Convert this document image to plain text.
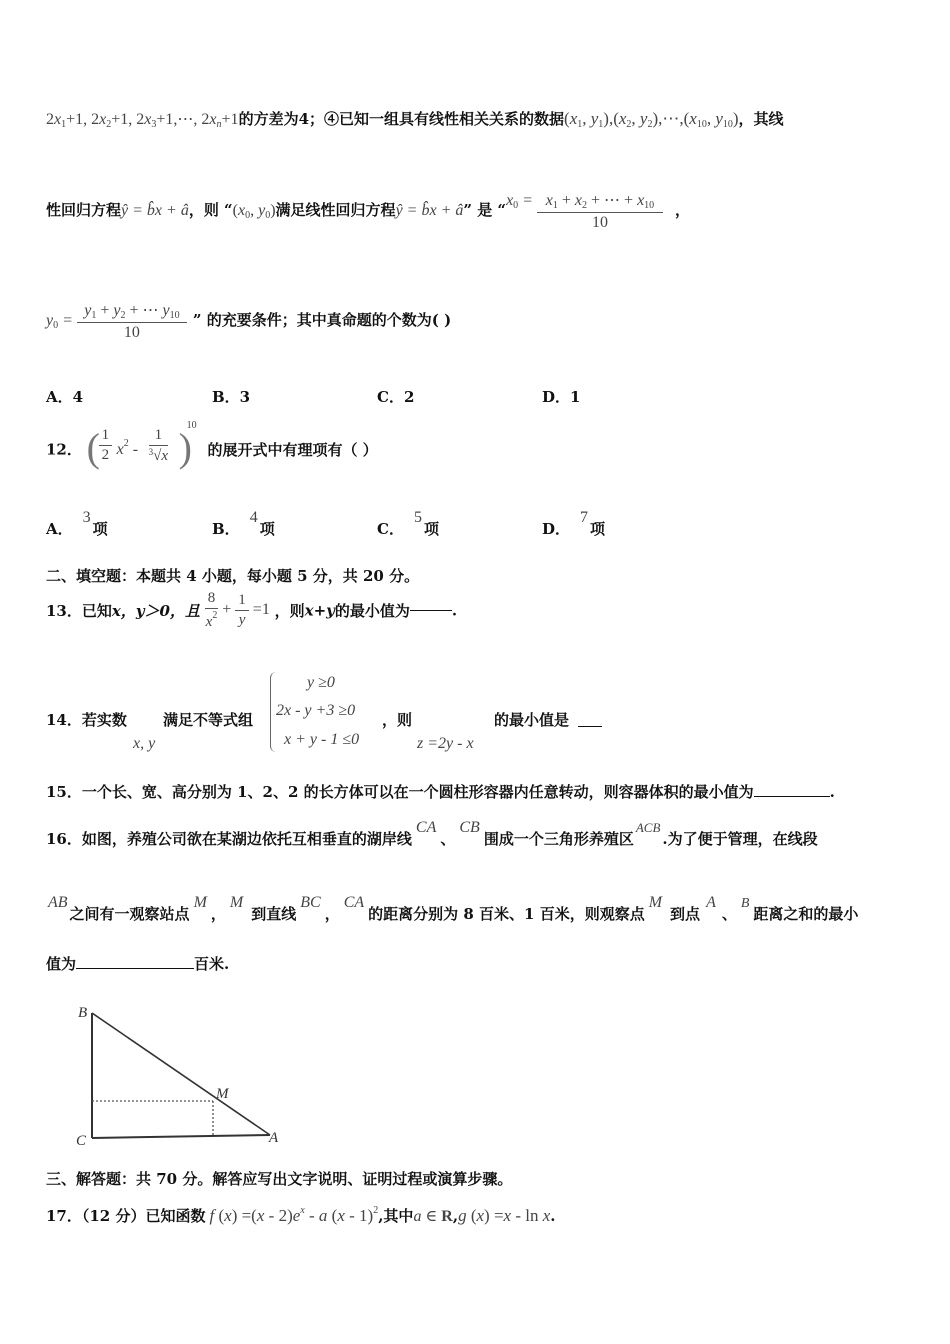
2x1+1, 2x2+1, 2x3+1,⋯, $2x_n+1$的方差为4；④已知一组具有线性相关关系的数据(x1, y1),(x2, y2),⋯,(x10, y10)，其线
性回归方程ŷ = b̂x + â，则 “(x0, y0)满足线性回归方程ŷ = b̂x + â” 是 “$x0 = \frac{x1 + x2 + \cdots + x10}{10}$ ，
$y0 = \frac{y1 + y2 + \cdots y10}{10}$ ” 的充要条件；其中真命题的个数为( )
A．4	B．3	C．2	D．1
12． (
$\frac{1}{2} x^2 - \frac{1}{^3√x}$ )
10
的展开式中有理项有（ ）
A．3项	B．4项	C．5项	D．7项
二、填空题：本题共 4 小题，每小题 5 分，共 20 分。
13．已知x，y＞0，且 $\frac{8}{x^2} + \frac{1}{y} =1$ ，则x+y的最小值为	.
14．若实数
x, y
满足不等式组
y ≥0
2x - y +3 ≥0
x + y - 1 ≤0
，则
z =2y - x
的最小值是
15．一个长、宽、高分别为 1、2、2 的长方体可以在一个圆柱形容器内任意转动，则容器体积的最小值为	.
16．如图，养殖公司欲在某湖边依托互相垂直的湖岸线CA、CB围成一个三角形养殖区ACB.为了便于管理，在线段
AB之间有一观察站点M，M到直线BC，CA的距离分别为 8 百米、1 百米，则观察点M到点A、B距离之和的最小
值为	百米.
B
C
M
A
三、解答题：共 70 分。解答应写出文字说明、证明过程或演算步骤。
17．（12 分）已知函数 f $(x) =(x - 2)e^x - a$ (x - 1)$^2$,其中a ∈ R,g (x) =x - ln x.
